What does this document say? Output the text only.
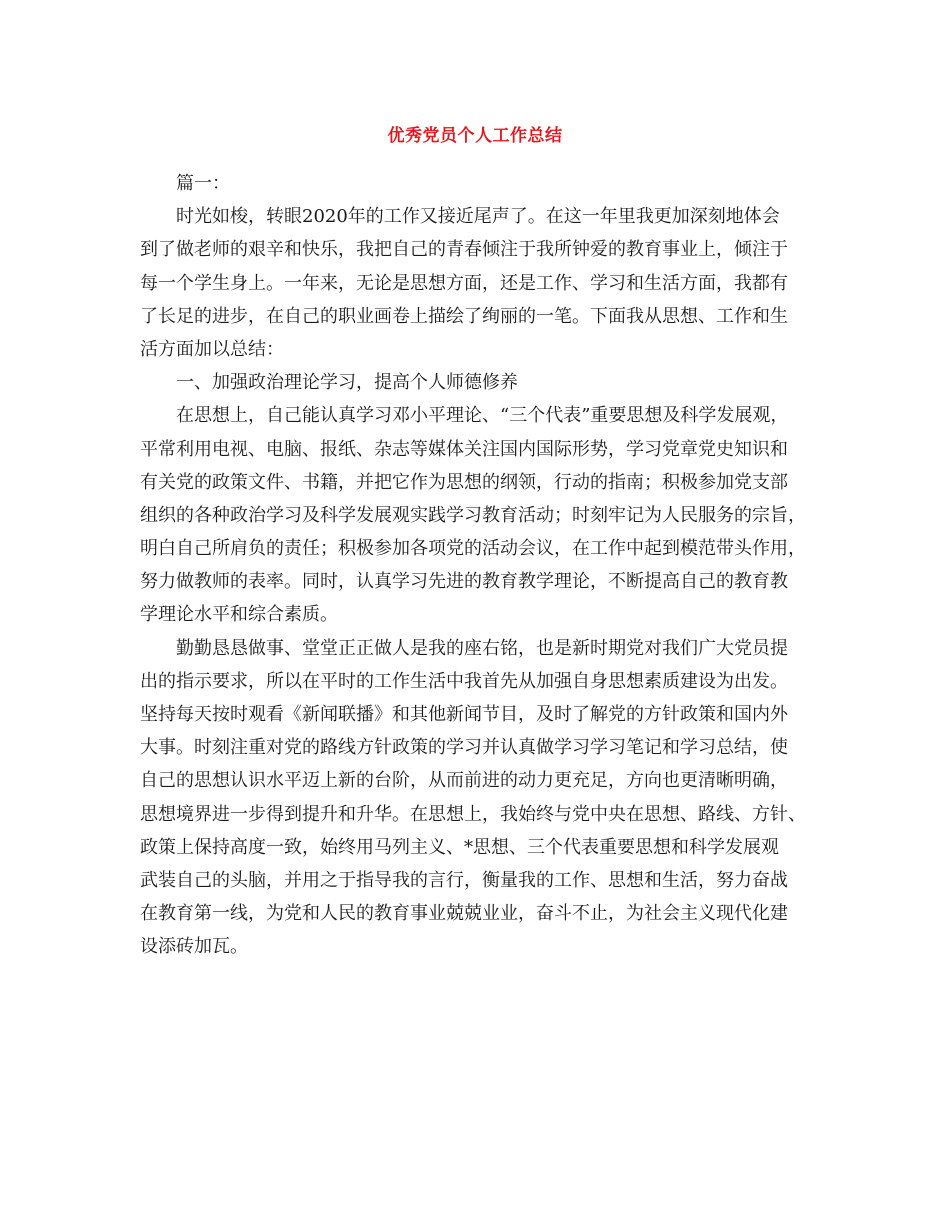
优秀党员个人工作总结
篇一：
时光如梭，转眼2020年的工作又接近尾声了。在这一年里我更加深刻地体会
到了做老师的艰辛和快乐，我把自己的青春倾注于我所钟爱的教育事业上，倾注于
每一个学生身上。一年来，无论是思想方面，还是工作、学习和生活方面，我都有
了长足的进步，在自己的职业画卷上描绘了绚丽的一笔。下面我从思想、工作和生
活方面加以总结：
一、加强政治理论学习，提高个人师德修养
在思想上，自己能认真学习邓小平理论、“三个代表”重要思想及科学发展观，
平常利用电视、电脑、报纸、杂志等媒体关注国内国际形势，学习党章党史知识和
有关党的政策文件、书籍，并把它作为思想的纲领，行动的指南；积极参加党支部
组织的各种政治学习及科学发展观实践学习教育活动；时刻牢记为人民服务的宗旨，
明白自己所肩负的责任；积极参加各项党的活动会议，在工作中起到模范带头作用，
努力做教师的表率。同时，认真学习先进的教育教学理论，不断提高自己的教育教
学理论水平和综合素质。
勤勤恳恳做事、堂堂正正做人是我的座右铭，也是新时期党对我们广大党员提
出的指示要求，所以在平时的工作生活中我首先从加强自身思想素质建设为出发。
坚持每天按时观看《新闻联播》和其他新闻节目，及时了解党的方针政策和国内外
大事。时刻注重对党的路线方针政策的学习并认真做学习学习笔记和学习总结，使
自己的思想认识水平迈上新的台阶，从而前进的动力更充足，方向也更清晰明确，
思想境界进一步得到提升和升华。在思想上，我始终与党中央在思想、路线、方针、
政策上保持高度一致，始终用马列主义、*思想、三个代表重要思想和科学发展观
武装自己的头脑，并用之于指导我的言行，衡量我的工作、思想和生活，努力奋战
在教育第一线，为党和人民的教育事业兢兢业业，奋斗不止，为社会主义现代化建
设添砖加瓦。
